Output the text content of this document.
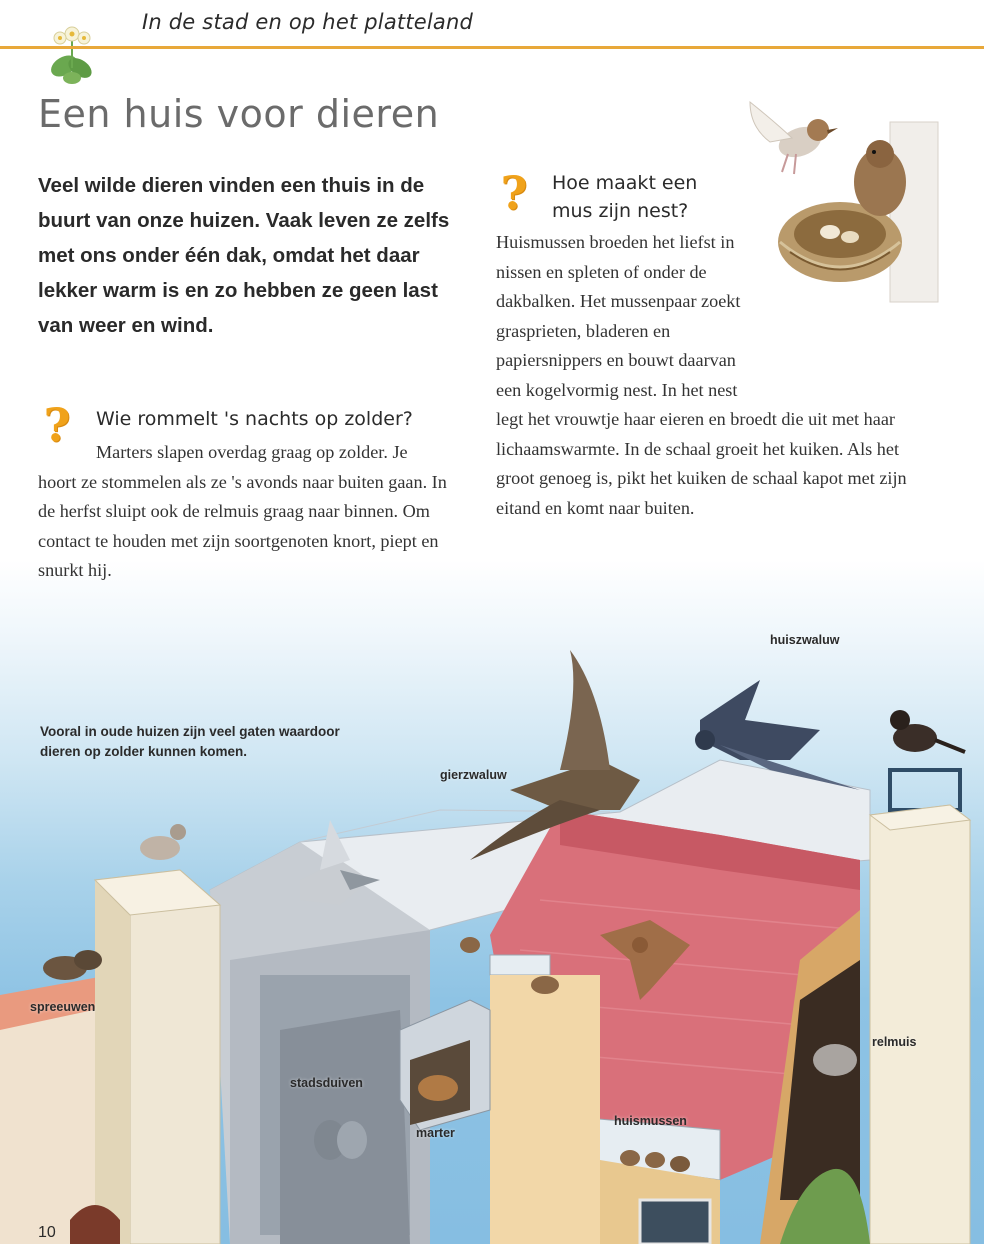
In de stad en op het platteland
Een huis voor dieren
Veel wilde dieren vinden een thuis in de buurt van onze huizen. Vaak leven ze zelfs met ons onder één dak, omdat het daar lekker warm is en zo hebben ze geen last van weer en wind.
? Wie rommelt 's nachts op zolder?
Marters slapen overdag graag op zolder. Je hoort ze stommelen als ze 's avonds naar buiten gaan. In de herfst sluipt ook de relmuis graag naar binnen. Om contact te houden met zijn soortgenoten knort, piept en snurkt hij.
? Hoe maakt een
mus zijn nest?
Huismussen broeden het liefst in nissen en spleten of onder de dakbalken. Het mussenpaar zoekt grasprieten, bladeren en papiersnippers en bouwt daarvan een kogelvormig nest. In het nest legt het vrouwtje haar eieren en broedt die uit met haar lichaamswarmte. In de schaal groeit het kuiken. Als het groot genoeg is, pikt het kuiken de schaal kapot met zijn eitand en komt naar buiten.
Vooral in oude huizen zijn veel gaten waardoor dieren op zolder kunnen komen.
huiszwaluw
gierzwaluw
spreeuwen
stadsduiven
marter
huismussen
relmuis
10
